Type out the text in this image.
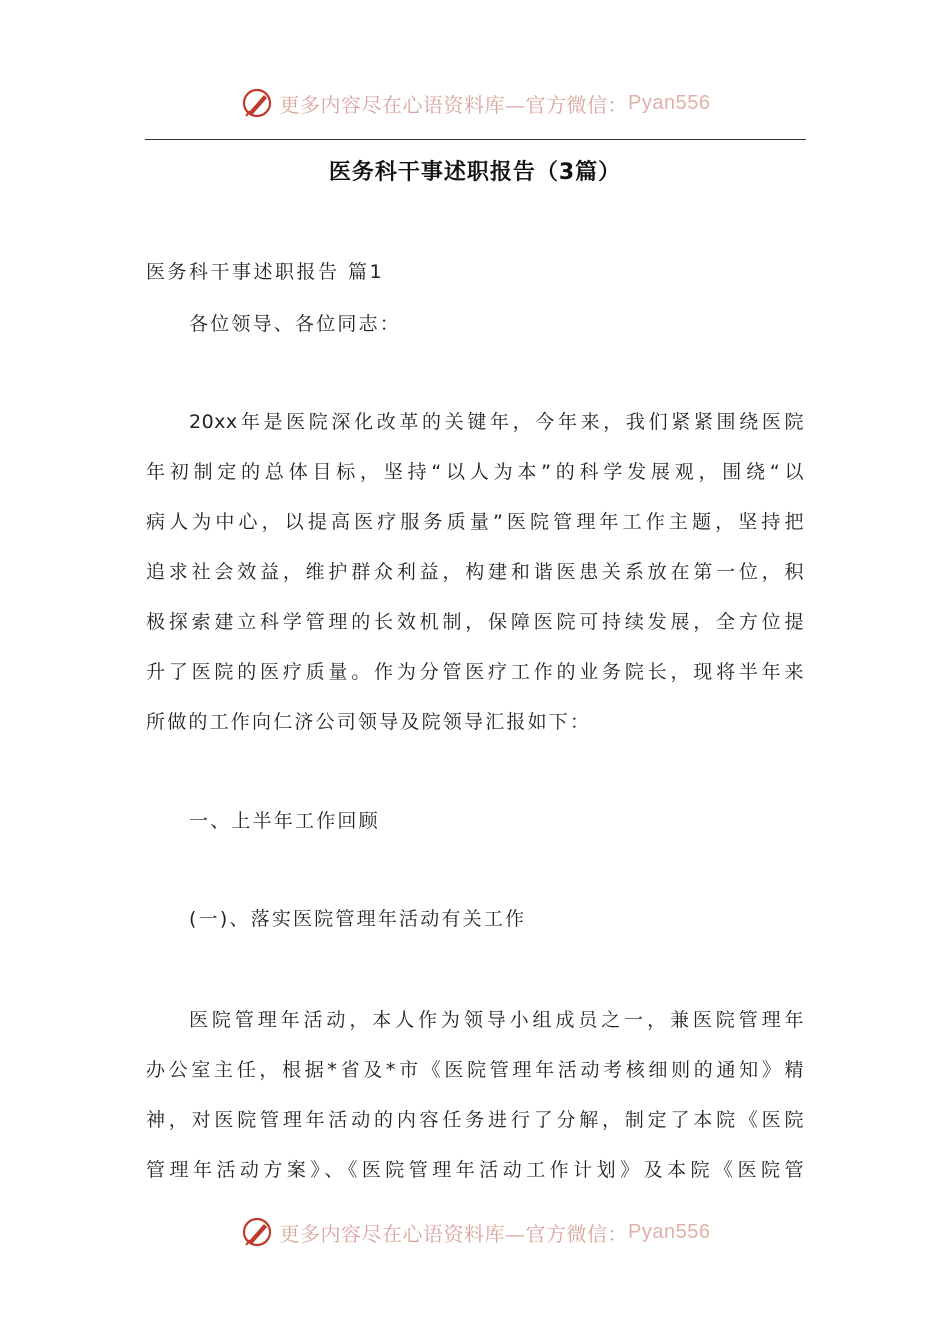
更多内容尽在心语资料库—官方微信： Pyan556
医务科干事述职报告（3篇）
医务科干事述职报告 篇1
各位领导、各位同志：
20xx年是医院深化改革的关键年，今年来，我们紧紧围绕医院
年初制定的总体目标，坚持“以人为本”的科学发展观，围绕“以
病人为中心，以提高医疗服务质量”医院管理年工作主题，坚持把
追求社会效益，维护群众利益，构建和谐医患关系放在第一位，积
极探索建立科学管理的长效机制，保障医院可持续发展，全方位提
升了医院的医疗质量。作为分管医疗工作的业务院长，现将半年来
所做的工作向仁济公司领导及院领导汇报如下：
一、上半年工作回顾
(一)、落实医院管理年活动有关工作
医院管理年活动，本人作为领导小组成员之一，兼医院管理年
办公室主任，根据*省及*市《医院管理年活动考核细则的通知》精
神，对医院管理年活动的内容任务进行了分解，制定了本院《医院
管理年活动方案》、《医院管理年活动工作计划》及本院《医院管
更多内容尽在心语资料库—官方微信： Pyan556
